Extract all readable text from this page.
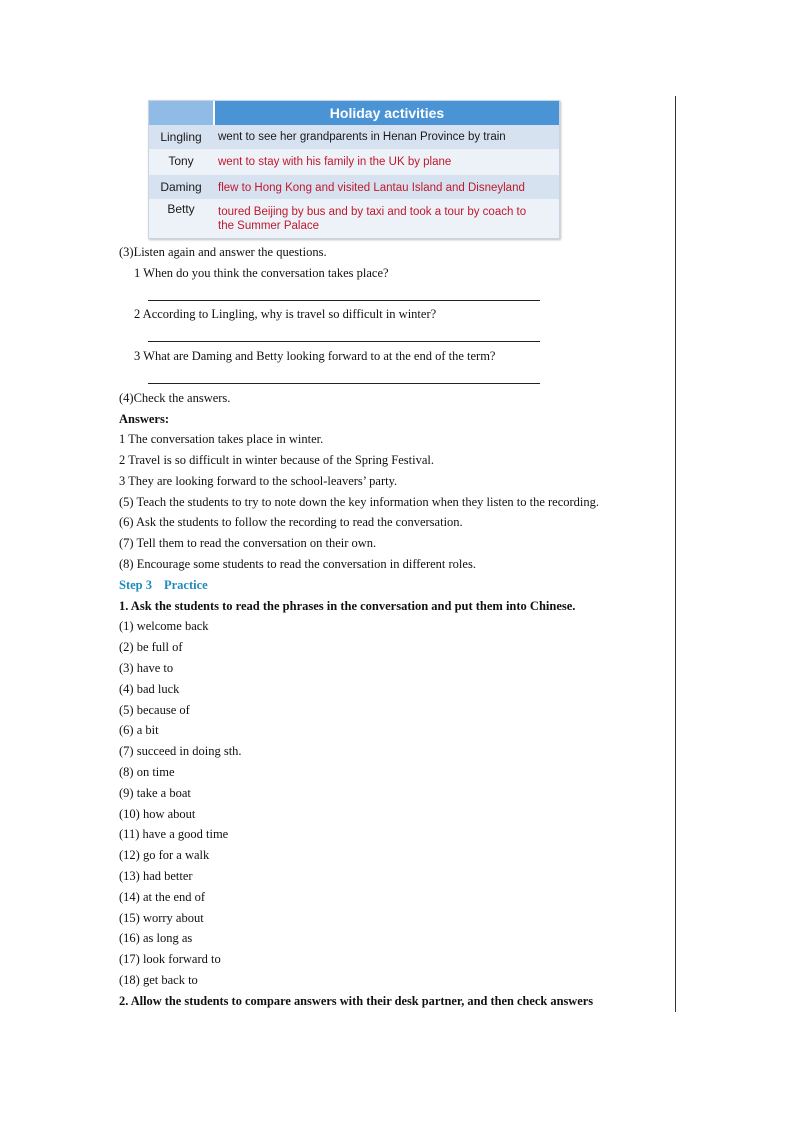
Holiday activities
Lingling	went to see her grandparents in Henan Province by train
Tony	went to stay with his family in the UK by plane
Daming	flew to Hong Kong and visited Lantau Island and Disneyland
Betty	toured Beijing by bus and by taxi and took a tour by coach to
the Summer Palace
(3)Listen again and answer the questions.
1 When do you think the conversation takes place?
2 According to Lingling, why is travel so difficult in winter?
3 What are Daming and Betty looking forward to at the end of the term?
(4)Check the answers.
Answers:
1 The conversation takes place in winter.
2 Travel is so difficult in winter because of the Spring Festival.
3 They are looking forward to the school-leavers’ party.
(5) Teach the students to try to note down the key information when they listen to the recording.
(6) Ask the students to follow the recording to read the conversation.
(7) Tell them to read the conversation on their own.
(8) Encourage some students to read the conversation in different roles.
Step 3 Practice
1. Ask the students to read the phrases in the conversation and put them into Chinese.
(1) welcome back
(2) be full of
(3) have to
(4) bad luck
(5) because of
(6) a bit
(7) succeed in doing sth.
(8) on time
(9) take a boat
(10) how about
(11) have a good time
(12) go for a walk
(13) had better
(14) at the end of
(15) worry about
(16) as long as
(17) look forward to
(18) get back to
2. Allow the students to compare answers with their desk partner, and then check answers
